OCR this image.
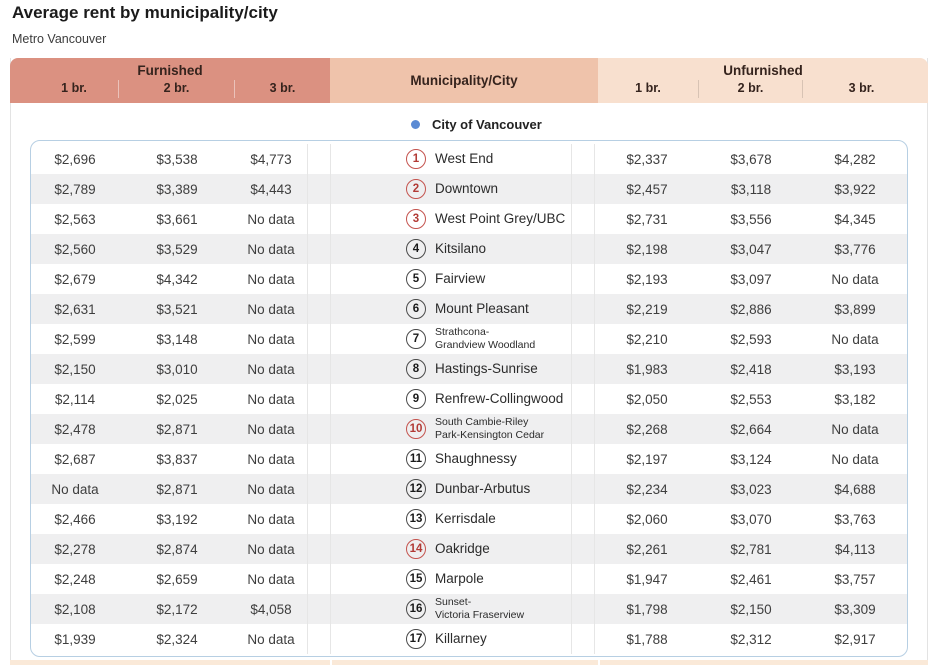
Average rent by municipality/city
Metro Vancouver
Furnished
1 br.	2 br.	3 br.	Municipality/City
Unfurnished
1 br.	2 br.	3 br.
City of Vancouver
$2,696	$3,538	$4,773	1 West End	$2,337	$3,678	$4,282
$2,789	$3,389	$4,443	2 Downtown	$2,457	$3,118	$3,922
$2,563	$3,661	No data	3 West Point Grey/UBC	$2,731	$3,556	$4,345
$2,560	$3,529	No data	4 Kitsilano	$2,198	$3,047	$3,776
$2,679	$4,342	No data	5 Fairview	$2,193	$3,097	No data
$2,631	$3,521	No data	6 Mount Pleasant	$2,219	$2,886	$3,899
$2,599	$3,148	No data	7
Strathcona-
Grandview Woodland	$2,210	$2,593	No data
$2,150	$3,010	No data	8 Hastings-Sunrise	$1,983	$2,418	$3,193
$2,114	$2,025	No data	9 Renfrew-Collingwood	$2,050	$2,553	$3,182
$2,478	$2,871	No data	10
South Cambie-Riley
Park-Kensington Cedar	$2,268	$2,664	No data
$2,687	$3,837	No data	11 Shaughnessy	$2,197	$3,124	No data
No data	$2,871	No data	12 Dunbar-Arbutus	$2,234	$3,023	$4,688
$2,466	$3,192	No data	13 Kerrisdale	$2,060	$3,070	$3,763
$2,278	$2,874	No data	14 Oakridge	$2,261	$2,781	$4,113
$2,248	$2,659	No data	15 Marpole	$1,947	$2,461	$3,757
$2,108	$2,172	$4,058	16
Sunset-
Victoria Fraserview	$1,798	$2,150	$3,309
$1,939	$2,324	No data	17 Killarney	$1,788	$2,312	$2,917
